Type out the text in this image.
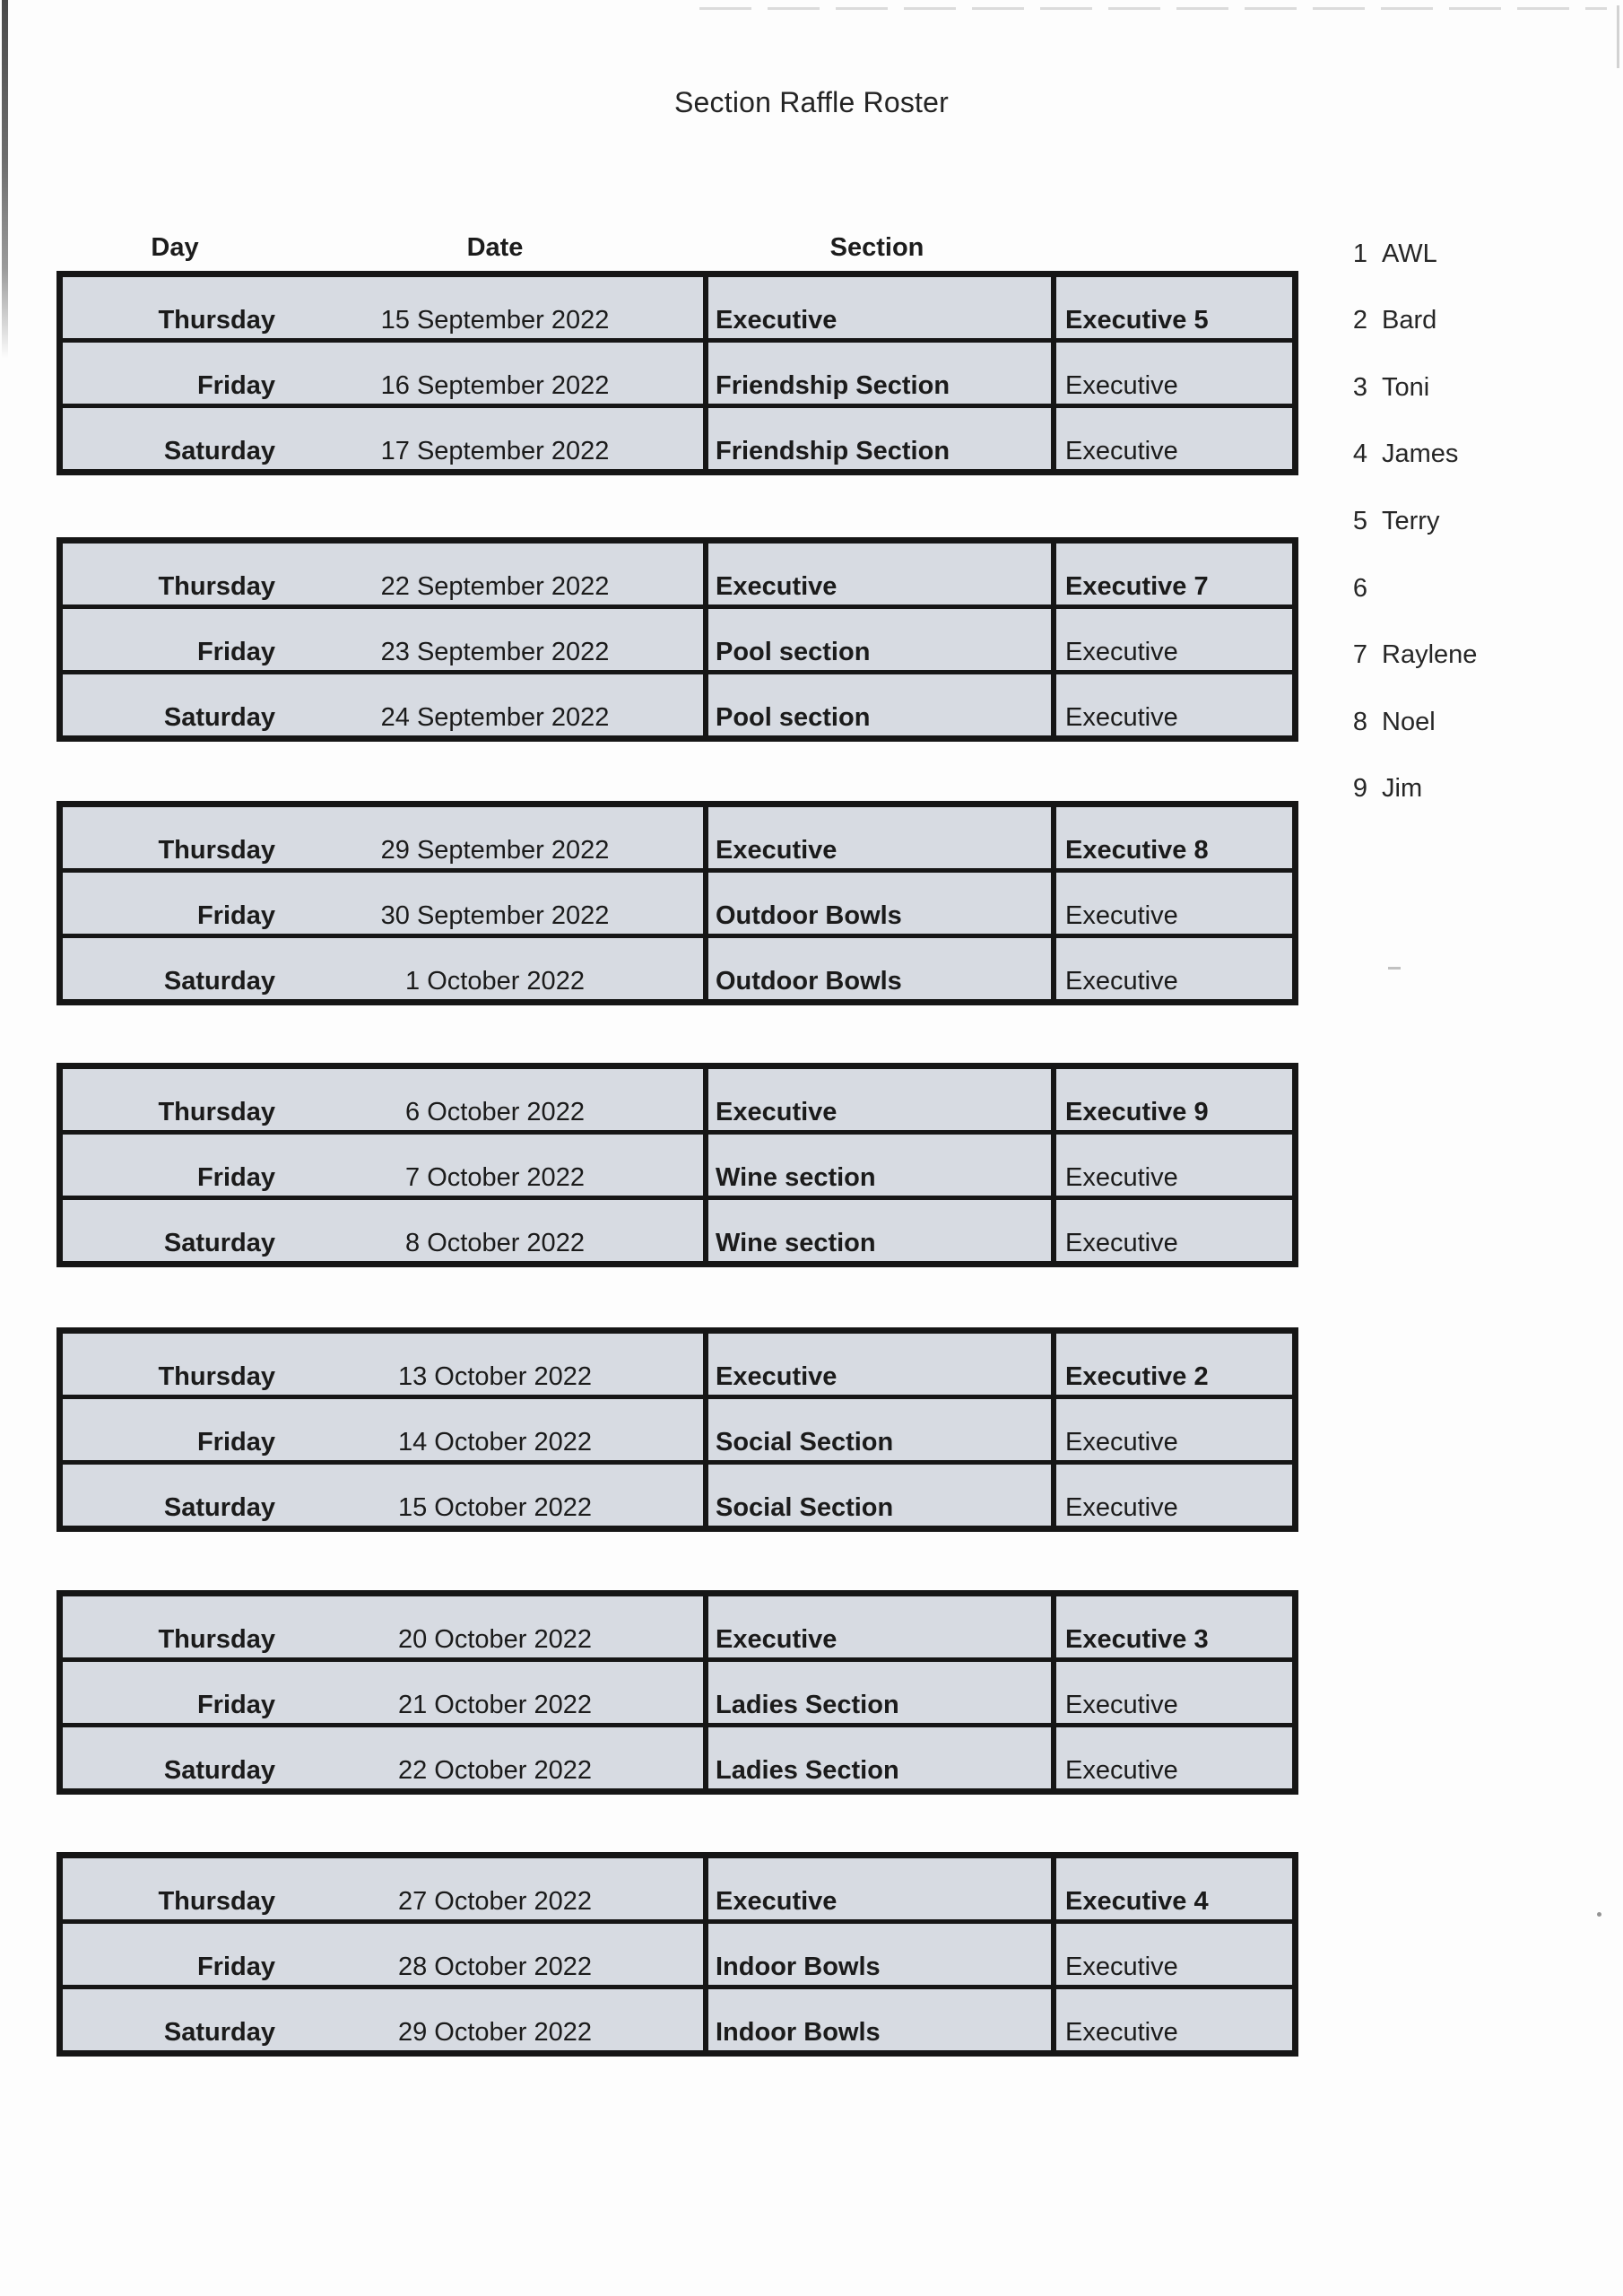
Section Raffle Roster
Day	Date	Section
Thursday	15 September 2022	Executive	Executive 5
Friday	16 September 2022	Friendship Section	Executive
Saturday	17 September 2022	Friendship Section	Executive
Thursday	22 September 2022	Executive	Executive 7
Friday	23 September 2022	Pool section	Executive
Saturday	24 September 2022	Pool section	Executive
Thursday	29 September 2022	Executive	Executive 8
Friday	30 September 2022	Outdoor Bowls	Executive
Saturday	1 October 2022	Outdoor Bowls	Executive
Thursday	6 October 2022	Executive	Executive 9
Friday	7 October 2022	Wine section	Executive
Saturday	8 October 2022	Wine section	Executive
Thursday	13 October 2022	Executive	Executive 2
Friday	14 October 2022	Social Section	Executive
Saturday	15 October 2022	Social Section	Executive
Thursday	20 October 2022	Executive	Executive 3
Friday	21 October 2022	Ladies Section	Executive
Saturday	22 October 2022	Ladies Section	Executive
Thursday	27 October 2022	Executive	Executive 4
Friday	28 October 2022	Indoor Bowls	Executive
Saturday	29 October 2022	Indoor Bowls	Executive
1 AWL
2 Bard
3 Toni
4 James
5 Terry
6
7 Raylene
8 Noel
9 Jim
